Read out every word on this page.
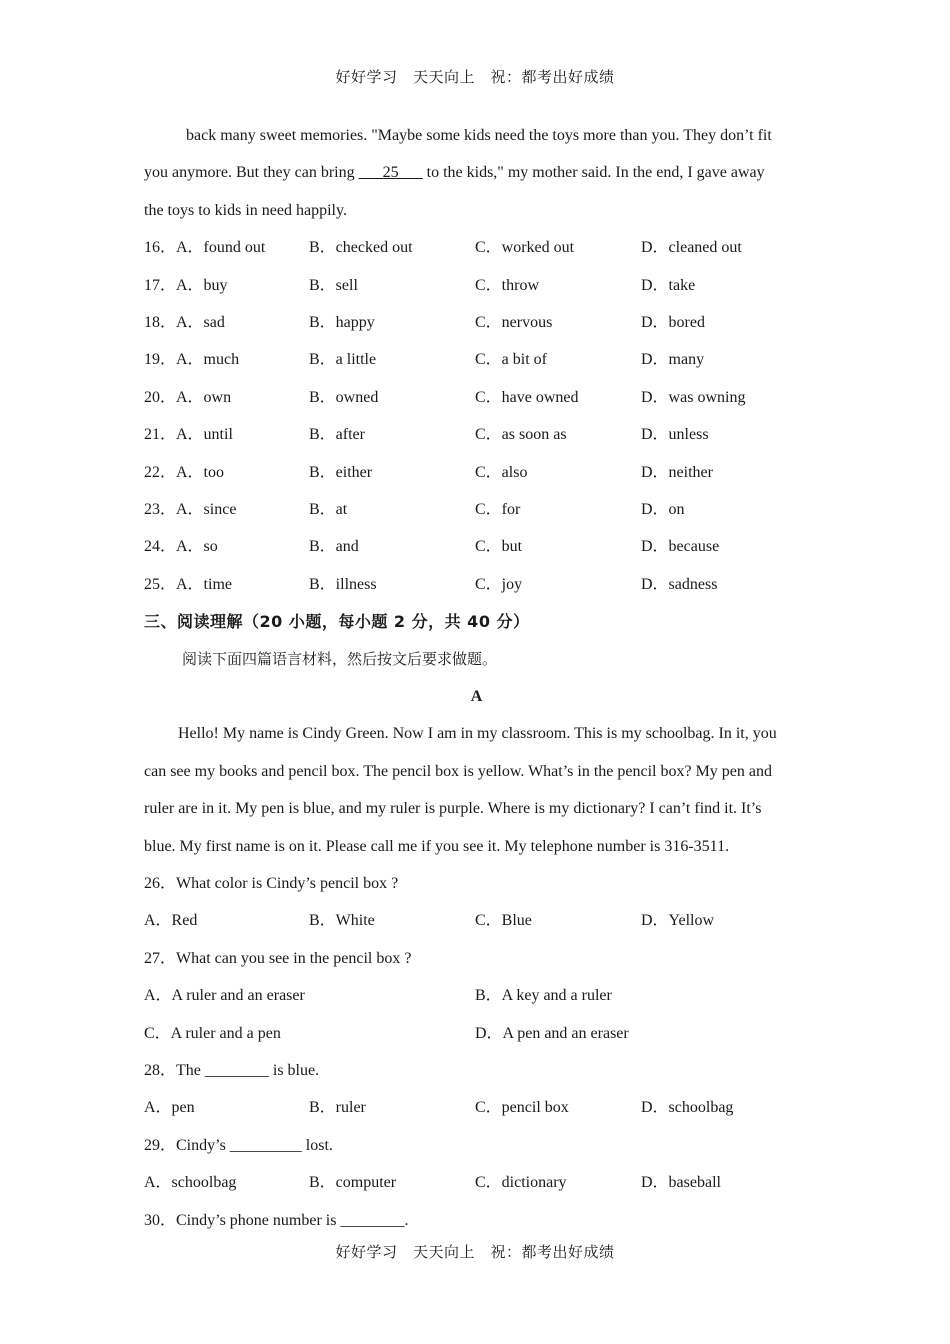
好好学习　天天向上　祝：都考出好成绩

back many sweet memories. "Maybe some kids need the toys more than you. They don’t fit

you anymore. But they can bring ___25___ to the kids," my mother said. In the end, I gave away

the toys to kids in need happily.

16．A．found out	B．checked out	C．worked out	D．cleaned out
17．A．buy	B．sell	C．throw	D．take
18．A．sad	B．happy	C．nervous	D．bored
19．A．much	B．a little	C．a bit of	D．many
20．A．own	B．owned	C．have owned	D．was owning
21．A．until	B．after	C．as soon as	D．unless
22．A．too	B．either	C．also	D．neither
23．A．since	B．at	C．for	D．on
24．A．so	B．and	C．but	D．because
25．A．time	B．illness	C．joy	D．sadness

三、阅读理解（20 小题，每小题 2 分，共 40 分）

阅读下面四篇语言材料，然后按文后要求做题。

A

Hello! My name is Cindy Green. Now I am in my classroom. This is my schoolbag. In it, you

can see my books and pencil box. The pencil box is yellow. What’s in the pencil box? My pen and

ruler are in it. My pen is blue, and my ruler is purple. Where is my dictionary? I can’t find it. It’s

blue. My first name is on it. Please call me if you see it. My telephone number is 316-3511.

26．What color is Cindy’s pencil box ?

A．Red	B．White	C．Blue	D．Yellow

27．What can you see in the pencil box ?

A．A ruler and an eraser	B．A key and a ruler
C．A ruler and a pen	D．A pen and an eraser

28．The ________ is blue.

A．pen	B．ruler	C．pencil box	D．schoolbag

29．Cindy’s _________ lost.

A．schoolbag	B．computer	C．dictionary	D．baseball

30．Cindy’s phone number is ________.

好好学习　天天向上　祝：都考出好成绩
